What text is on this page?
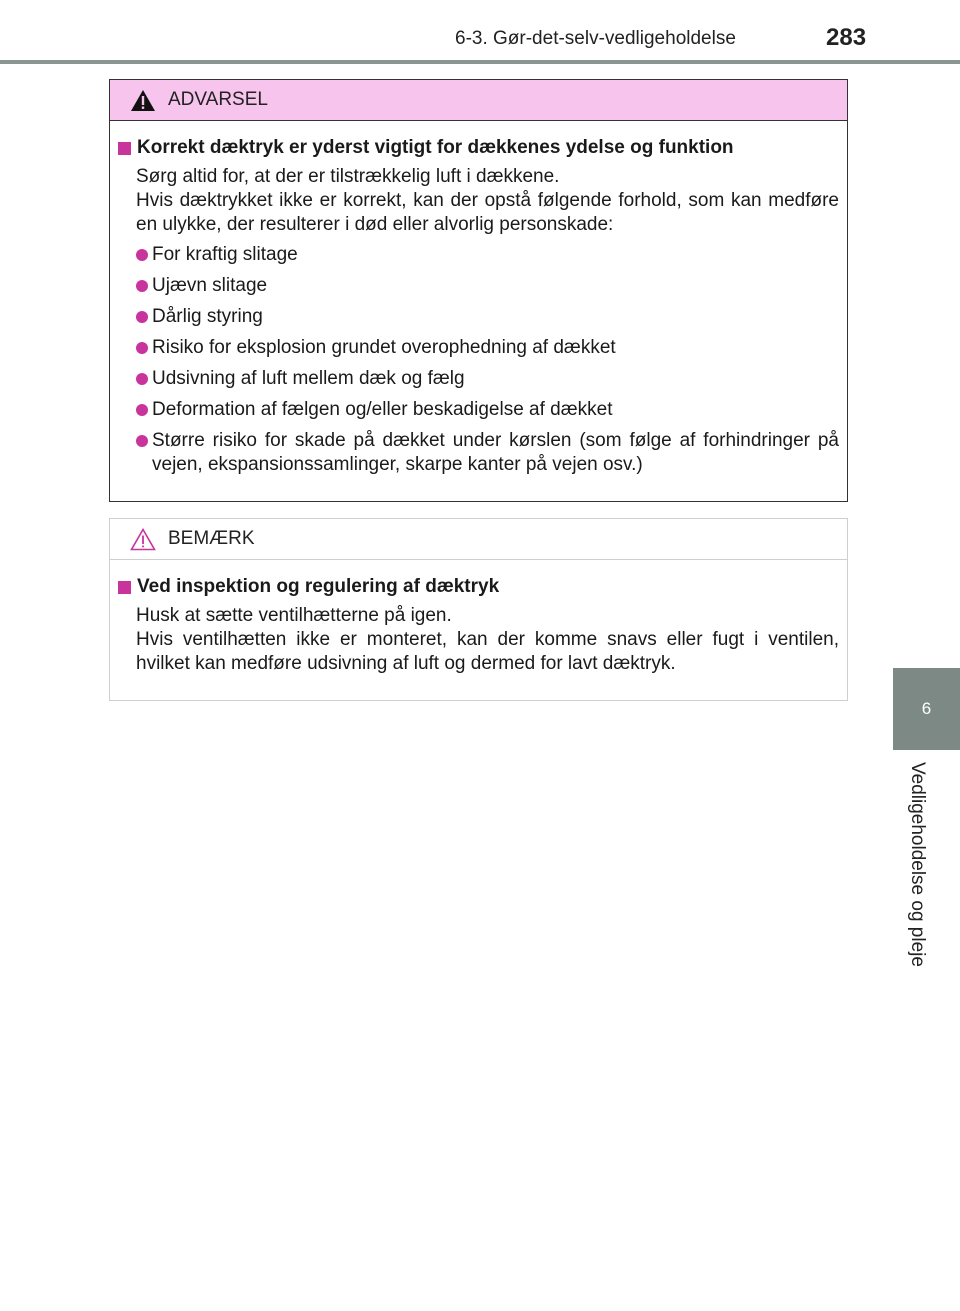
6-3. Gør-det-selv-vedligeholdelse	283
6
Vedligeholdelse og pleje
ADVARSEL
Korrekt dæktryk er yderst vigtigt for dækkenes ydelse og funktion

Sørg altid for, at der er tilstrækkelig luft i dækkene.

Hvis dæktrykket ikke er korrekt, kan der opstå følgende forhold, som kan medføre en ulykke, der resulterer i død eller alvorlig personskade:

For kraftig slitage
Ujævn slitage
Dårlig styring
Risiko for eksplosion grundet overophedning af dækket
Udsivning af luft mellem dæk og fælg
Deformation af fælgen og/eller beskadigelse af dækket
Større risiko for skade på dækket under kørslen (som følge af forhindringer på vejen, ekspansionssamlinger, skarpe kanter på vejen osv.)
BEMÆRK
Ved inspektion og regulering af dæktryk

Husk at sætte ventilhætterne på igen.

Hvis ventilhætten ikke er monteret, kan der komme snavs eller fugt i ventilen, hvilket kan medføre udsivning af luft og dermed for lavt dæktryk.
